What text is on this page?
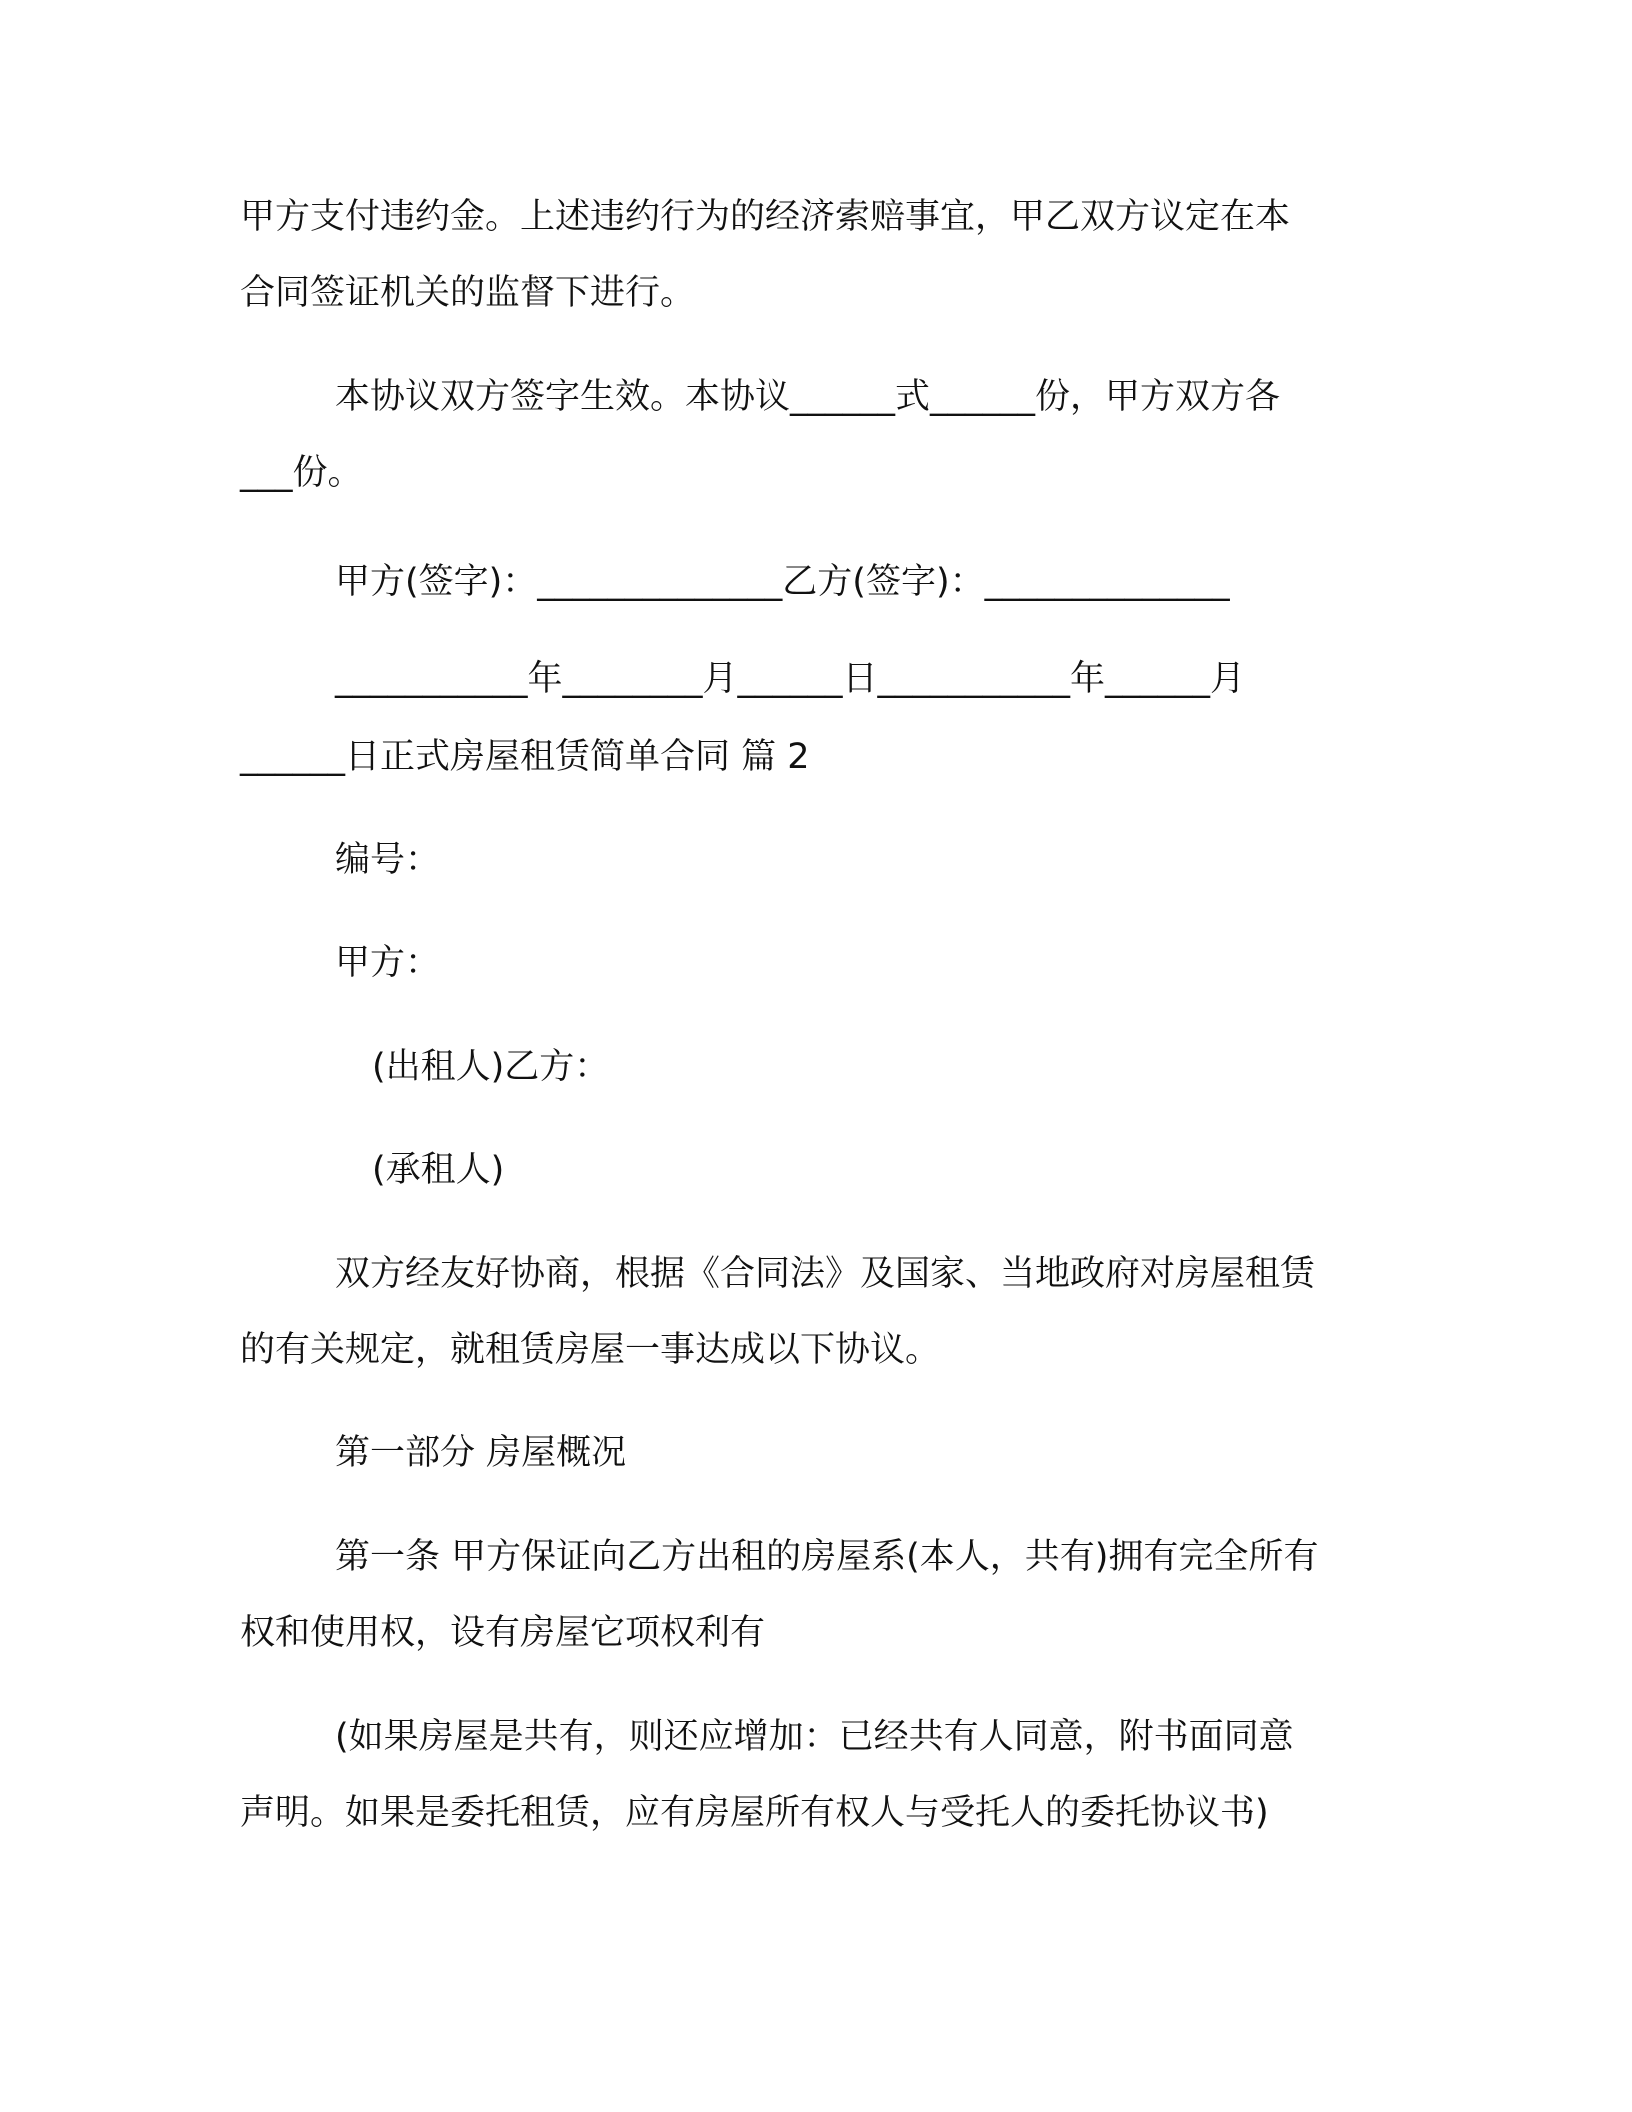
甲方支付违约金。上述违约行为的经济索赔事宜，甲乙双方议定在本

合同签证机关的监督下进行。

本协议双方签字生效。本协议______式______份，甲方双方各

___份。

甲方(签字)：______________乙方(签字)：______________

___________年________月______日___________年______月

______日正式房屋租赁简单合同 篇 2

编号：

甲方：

(出租人)乙方：

(承租人)

双方经友好协商，根据《合同法》及国家、当地政府对房屋租赁

的有关规定，就租赁房屋一事达成以下协议。

第一部分 房屋概况

第一条 甲方保证向乙方出租的房屋系(本人，共有)拥有完全所有

权和使用权，设有房屋它项权利有

(如果房屋是共有，则还应增加：已经共有人同意，附书面同意

声明。如果是委托租赁，应有房屋所有权人与受托人的委托协议书)
